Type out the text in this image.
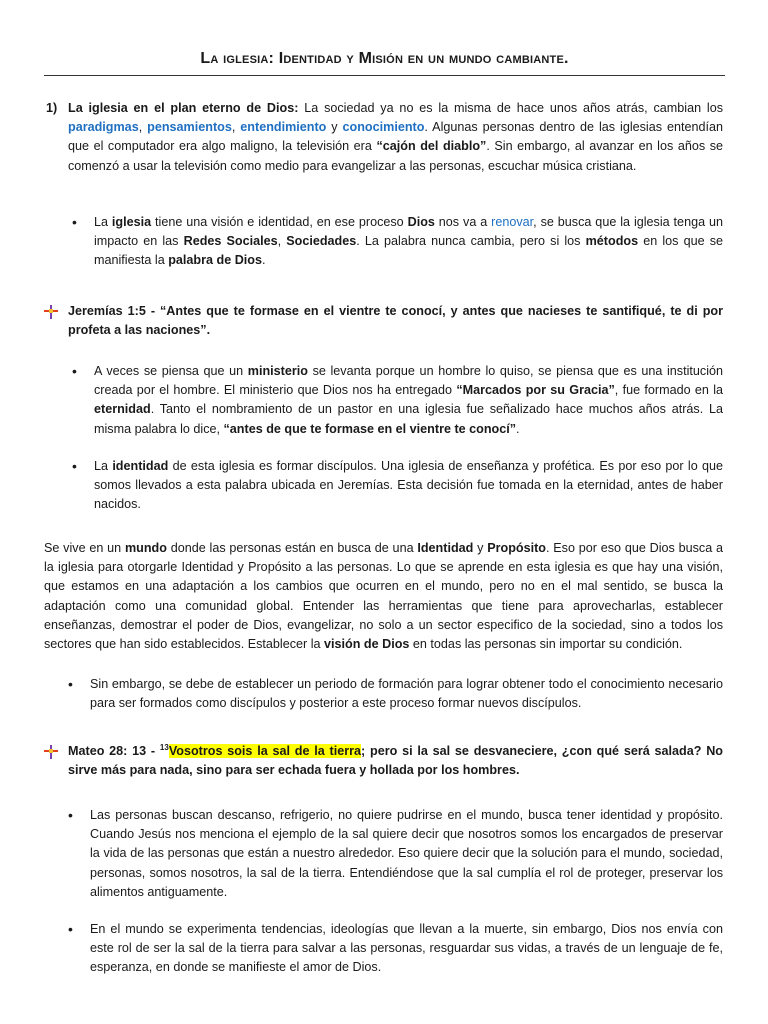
La iglesia: Identidad y Misión en un mundo cambiante.
1) La iglesia en el plan eterno de Dios: La sociedad ya no es la misma de hace unos años atrás, cambian los paradigmas, pensamientos, entendimiento y conocimiento. Algunas personas dentro de las iglesias entendían que el computador era algo maligno, la televisión era “cajón del diablo”. Sin embargo, al avanzar en los años se comenzó a usar la televisión como medio para evangelizar a las personas, escuchar música cristiana.

• La iglesia tiene una visión e identidad, en ese proceso Dios nos va a renovar, se busca que la iglesia tenga un impacto en las Redes Sociales, Sociedades. La palabra nunca cambia, pero si los métodos en los que se manifiesta la palabra de Dios.

Jeremías 1:5 - “Antes que te formase en el vientre te conocí, y antes que nacieses te santifiqué, te di por profeta a las naciones”.

• A veces se piensa que un ministerio se levanta porque un hombre lo quiso, se piensa que es una institución creada por el hombre. El ministerio que Dios nos ha entregado “Marcados por su Gracia”, fue formado en la eternidad. Tanto el nombramiento de un pastor en una iglesia fue señalizado hace muchos años atrás. La misma palabra lo dice, “antes de que te formase en el vientre te conocí”.

• La identidad de esta iglesia es formar discípulos. Una iglesia de enseñanza y profética. Es por eso por lo que somos llevados a esta palabra ubicada en Jeremías. Esta decisión fue tomada en la eternidad, antes de haber nacidos.

Se vive en un mundo donde las personas están en busca de una Identidad y Propósito. Eso por eso que Dios busca a la iglesia para otorgarle Identidad y Propósito a las personas. Lo que se aprende en esta iglesia es que hay una visión, que estamos en una adaptación a los cambios que ocurren en el mundo, pero no en el mal sentido, se busca la adaptación como una comunidad global. Entender las herramientas que tiene para aprovecharlas, establecer enseñanzas, demostrar el poder de Dios, evangelizar, no solo a un sector especifico de la sociedad, sino a todos los sectores que han sido establecidos. Establecer la visión de Dios en todas las personas sin importar su condición.

• Sin embargo, se debe de establecer un periodo de formación para lograr obtener todo el conocimiento necesario para ser formados como discípulos y posterior a este proceso formar nuevos discípulos.

Mateo 28: 13 - $^{13}$Vosotros sois la sal de la tierra; pero si la sal se desvaneciere, ¿con qué será salada? No sirve más para nada, sino para ser echada fuera y hollada por los hombres.

• Las personas buscan descanso, refrigerio, no quiere pudrirse en el mundo, busca tener identidad y propósito. Cuando Jesús nos menciona el ejemplo de la sal quiere decir que nosotros somos los encargados de preservar la vida de las personas que están a nuestro alrededor. Eso quiere decir que la solución para el mundo, sociedad, personas, somos nosotros, la sal de la tierra. Entendiéndose que la sal cumplía el rol de proteger, preservar los alimentos antiguamente.

• En el mundo se experimenta tendencias, ideologías que llevan a la muerte, sin embargo, Dios nos envía con este rol de ser la sal de la tierra para salvar a las personas, resguardar sus vidas, a través de un lenguaje de fe, esperanza, en donde se manifieste el amor de Dios.
